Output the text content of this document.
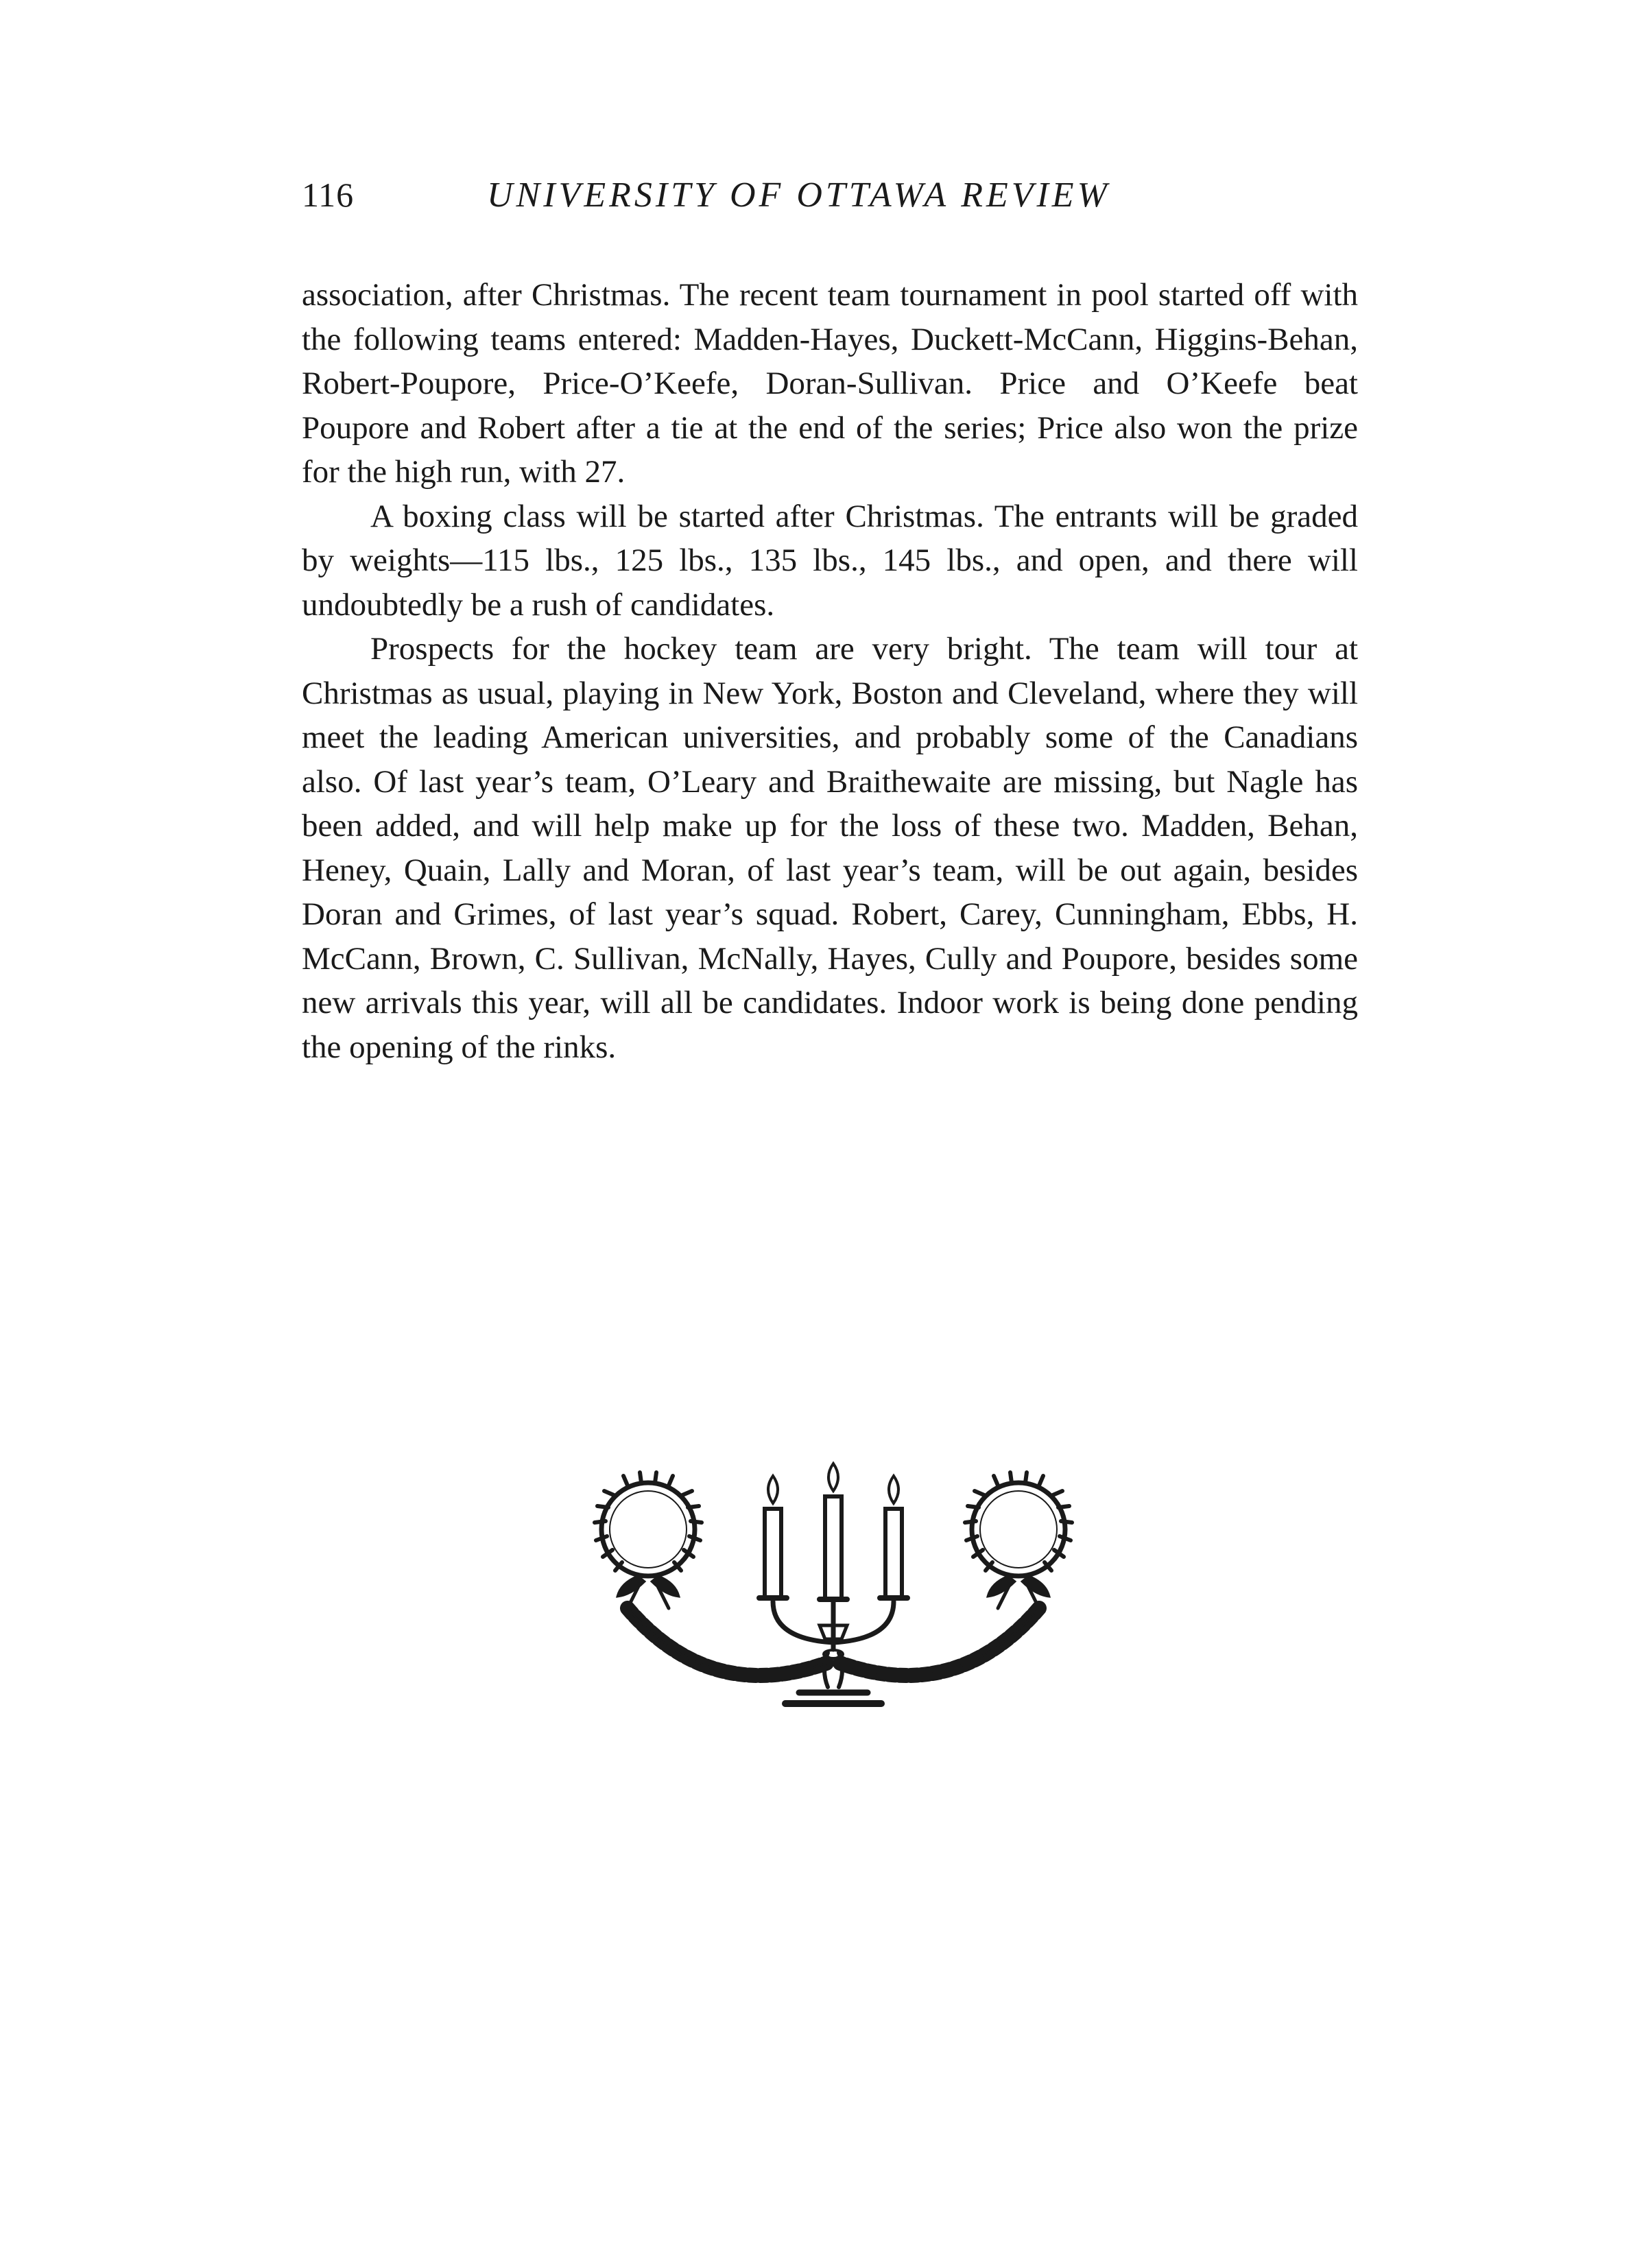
116	UNIVERSITY OF OTTAWA REVIEW

association, after Christmas. The recent team tournament in pool started off with the following teams entered: Madden-Hayes, Duckett-McCann, Higgins-Behan, Robert-Poupore, Price-O’Keefe, Doran-Sullivan. Price and O’Keefe beat Poupore and Robert after a tie at the end of the series; Price also won the prize for the high run, with 27.

A boxing class will be started after Christmas. The entrants will be graded by weights—115 lbs., 125 lbs., 135 lbs., 145 lbs., and open, and there will undoubtedly be a rush of candidates.

Prospects for the hockey team are very bright. The team will tour at Christmas as usual, playing in New York, Boston and Cleveland, where they will meet the leading American universities, and probably some of the Canadians also. Of last year’s team, O’Leary and Braithewaite are missing, but Nagle has been added, and will help make up for the loss of these two. Madden, Behan, Heney, Quain, Lally and Moran, of last year’s team, will be out again, besides Doran and Grimes, of last year’s squad. Robert, Carey, Cunningham, Ebbs, H. McCann, Brown, C. Sullivan, McNally, Hayes, Cully and Poupore, besides some new arrivals this year, will all be candidates. Indoor work is being done pending the opening of the rinks.
